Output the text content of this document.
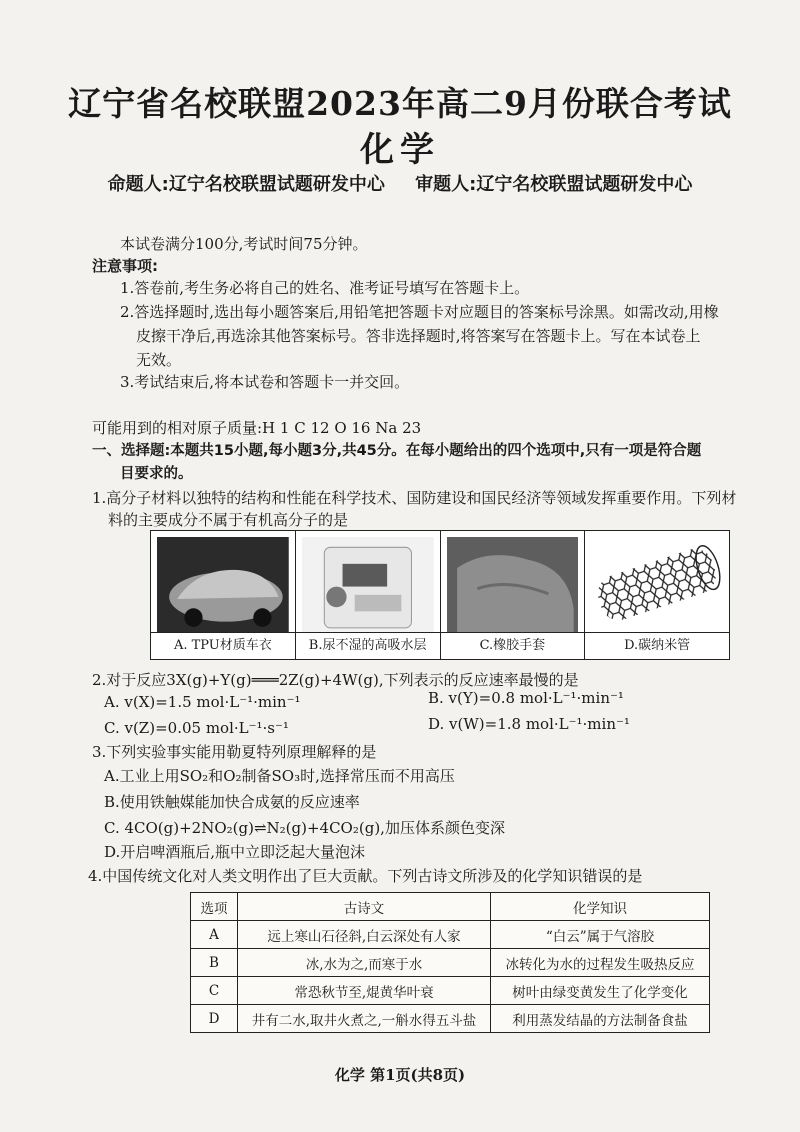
辽宁省名校联盟2023年高二9月份联合考试
化学
命题人:辽宁名校联盟试题研发中心 审题人:辽宁名校联盟试题研发中心
本试卷满分100分,考试时间75分钟。
注意事项:
1.答卷前,考生务必将自己的姓名、准考证号填写在答题卡上。
2.答选择题时,选出每小题答案后,用铅笔把答题卡对应题目的答案标号涂黑。如需改动,用橡
皮擦干净后,再选涂其他答案标号。答非选择题时,将答案写在答题卡上。写在本试卷上
无效。
3.考试结束后,将本试卷和答题卡一并交回。
可能用到的相对原子质量:H 1 C 12 O 16 Na 23
一、选择题:本题共15小题,每小题3分,共45分。在每小题给出的四个选项中,只有一项是符合题
目要求的。
1.高分子材料以独特的结构和性能在科学技术、国防建设和国民经济等领域发挥重要作用。下列材
料的主要成分不属于有机高分子的是
A. TPU材质车衣	B.尿不湿的高吸水层	C.橡胶手套	D.碳纳米管
2.对于反应3X(g)+Y(g)═══2Z(g)+4W(g),下列表示的反应速率最慢的是
A. v(X)=1.5 mol·L⁻¹·min⁻¹	B. v(Y)=0.8 mol·L⁻¹·min⁻¹
C. v(Z)=0.05 mol·L⁻¹·s⁻¹	D. v(W)=1.8 mol·L⁻¹·min⁻¹
3.下列实验事实能用勒夏特列原理解释的是
A.工业上用SO₂和O₂制备SO₃时,选择常压而不用高压
B.使用铁触媒能加快合成氨的反应速率
C. 4CO(g)+2NO₂(g)⇌N₂(g)+4CO₂(g),加压体系颜色变深
D.开启啤酒瓶后,瓶中立即泛起大量泡沫
4.中国传统文化对人类文明作出了巨大贡献。下列古诗文所涉及的化学知识错误的是
选项	古诗文	化学知识
A	远上寒山石径斜,白云深处有人家	“白云”属于气溶胶
B	冰,水为之,而寒于水	冰转化为水的过程发生吸热反应
C	常恐秋节至,焜黄华叶衰	树叶由绿变黄发生了化学变化
D	井有二水,取井火煮之,一斛水得五斗盐	利用蒸发结晶的方法制备食盐
化学 第1页(共8页)
